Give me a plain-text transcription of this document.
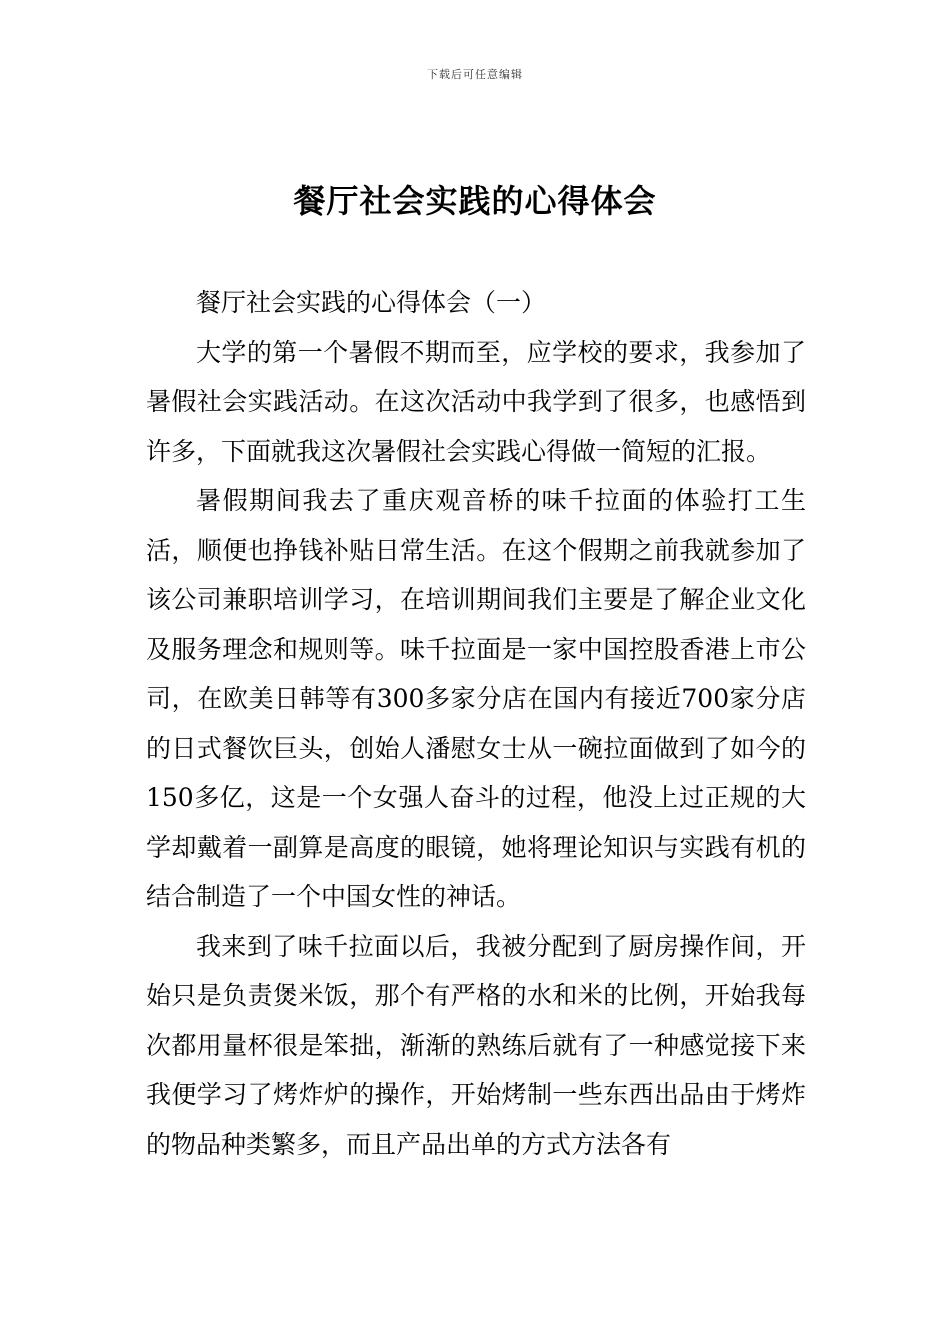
下载后可任意编辑
餐厅社会实践的心得体会

餐厅社会实践的心得体会（一）

大学的第一个暑假不期而至，应学校的要求，我参加了暑假社会实践活动。在这次活动中我学到了很多，也感悟到许多，下面就我这次暑假社会实践心得做一简短的汇报。

暑假期间我去了重庆观音桥的味千拉面的体验打工生活，顺便也挣钱补贴日常生活。在这个假期之前我就参加了该公司兼职培训学习，在培训期间我们主要是了解企业文化及服务理念和规则等。味千拉面是一家中国控股香港上市公司，在欧美日韩等有300多家分店在国内有接近700家分店的日式餐饮巨头，创始人潘慰女士从一碗拉面做到了如今的150多亿，这是一个女强人奋斗的过程，他没上过正规的大学却戴着一副算是高度的眼镜，她将理论知识与实践有机的结合制造了一个中国女性的神话。

我来到了味千拉面以后，我被分配到了厨房操作间，开始只是负责煲米饭，那个有严格的水和米的比例，开始我每次都用量杯很是笨拙，渐渐的熟练后就有了一种感觉接下来我便学习了烤炸炉的操作，开始烤制一些东西出品由于烤炸的物品种类繁多，而且产品出单的方式方法各有
